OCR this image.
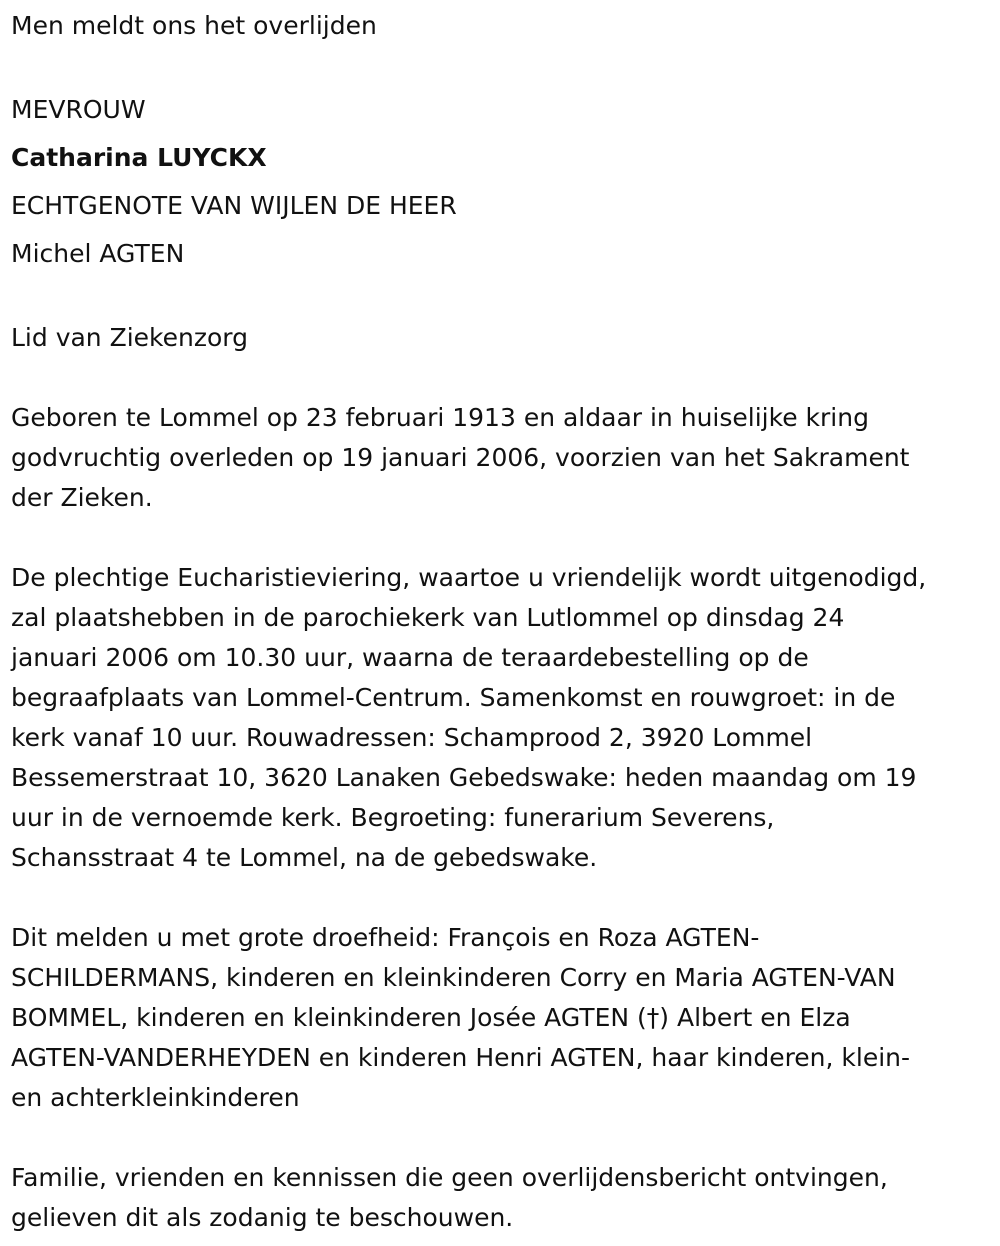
Men meldt ons het overlijden

MEVROUW
Catharina LUYCKX
ECHTGENOTE VAN WIJLEN DE HEER
Michel AGTEN

Lid van Ziekenzorg

Geboren te Lommel op 23 februari 1913 en aldaar in huiselijke kring
godvruchtig overleden op 19 januari 2006, voorzien van het Sakrament
der Zieken.

De plechtige Eucharistieviering, waartoe u vriendelijk wordt uitgenodigd,
zal plaatshebben in de parochiekerk van Lutlommel op dinsdag 24
januari 2006 om 10.30 uur, waarna de teraardebestelling op de
begraafplaats van Lommel-Centrum. Samenkomst en rouwgroet: in de
kerk vanaf 10 uur. Rouwadressen: Schamprood 2, 3920 Lommel
Bessemerstraat 10, 3620 Lanaken Gebedswake: heden maandag om 19
uur in de vernoemde kerk. Begroeting: funerarium Severens,
Schansstraat 4 te Lommel, na de gebedswake.

Dit melden u met grote droefheid: François en Roza AGTEN-
SCHILDERMANS, kinderen en kleinkinderen Corry en Maria AGTEN-VAN
BOMMEL, kinderen en kleinkinderen Josée AGTEN (†) Albert en Elza
AGTEN-VANDERHEYDEN en kinderen Henri AGTEN, haar kinderen, klein-
en achterkleinkinderen

Familie, vrienden en kennissen die geen overlijdensbericht ontvingen,
gelieven dit als zodanig te beschouwen.
